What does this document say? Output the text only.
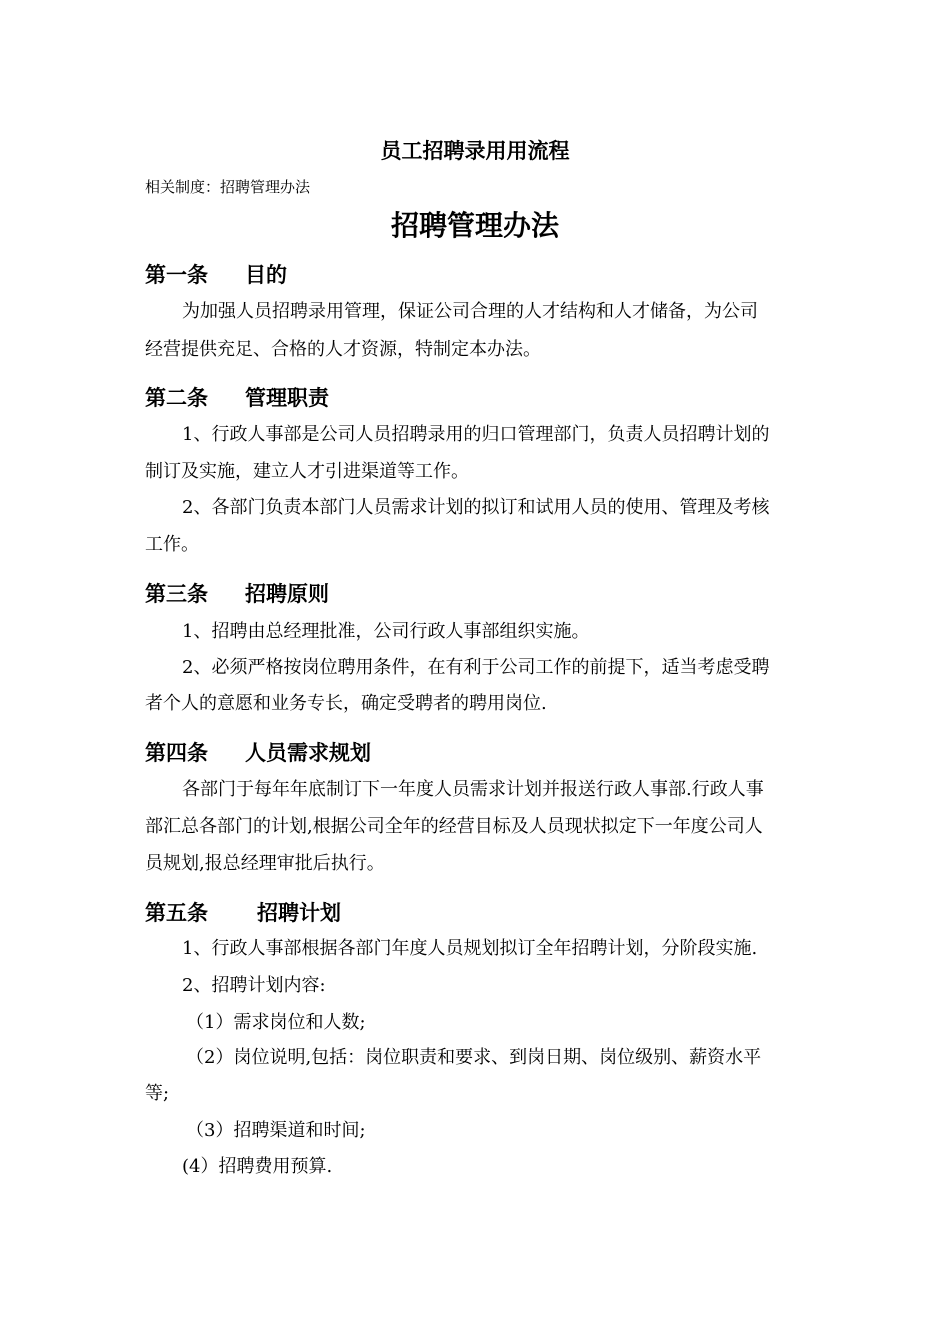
员工招聘录用用流程
相关制度：招聘管理办法
招聘管理办法
第一条 目的
为加强人员招聘录用管理，保证公司合理的人才结构和人才储备，为公司
经营提供充足、合格的人才资源，特制定本办法。
第二条 管理职责
1、行政人事部是公司人员招聘录用的归口管理部门，负责人员招聘计划的
制订及实施，建立人才引进渠道等工作。
2、各部门负责本部门人员需求计划的拟订和试用人员的使用、管理及考核
工作。
第三条 招聘原则
1、招聘由总经理批准，公司行政人事部组织实施。
2、必须严格按岗位聘用条件，在有利于公司工作的前提下，适当考虑受聘
者个人的意愿和业务专长，确定受聘者的聘用岗位.
第四条 人员需求规划
各部门于每年年底制订下一年度人员需求计划并报送行政人事部.行政人事
部汇总各部门的计划,根据公司全年的经营目标及人员现状拟定下一年度公司人
员规划,报总经理审批后执行。
第五条 招聘计划
1、行政人事部根据各部门年度人员规划拟订全年招聘计划，分阶段实施.
2、招聘计划内容:
（1）需求岗位和人数;
（2）岗位说明,包括：岗位职责和要求、到岗日期、岗位级别、薪资水平
等;
（3）招聘渠道和时间;
(4）招聘费用预算.
